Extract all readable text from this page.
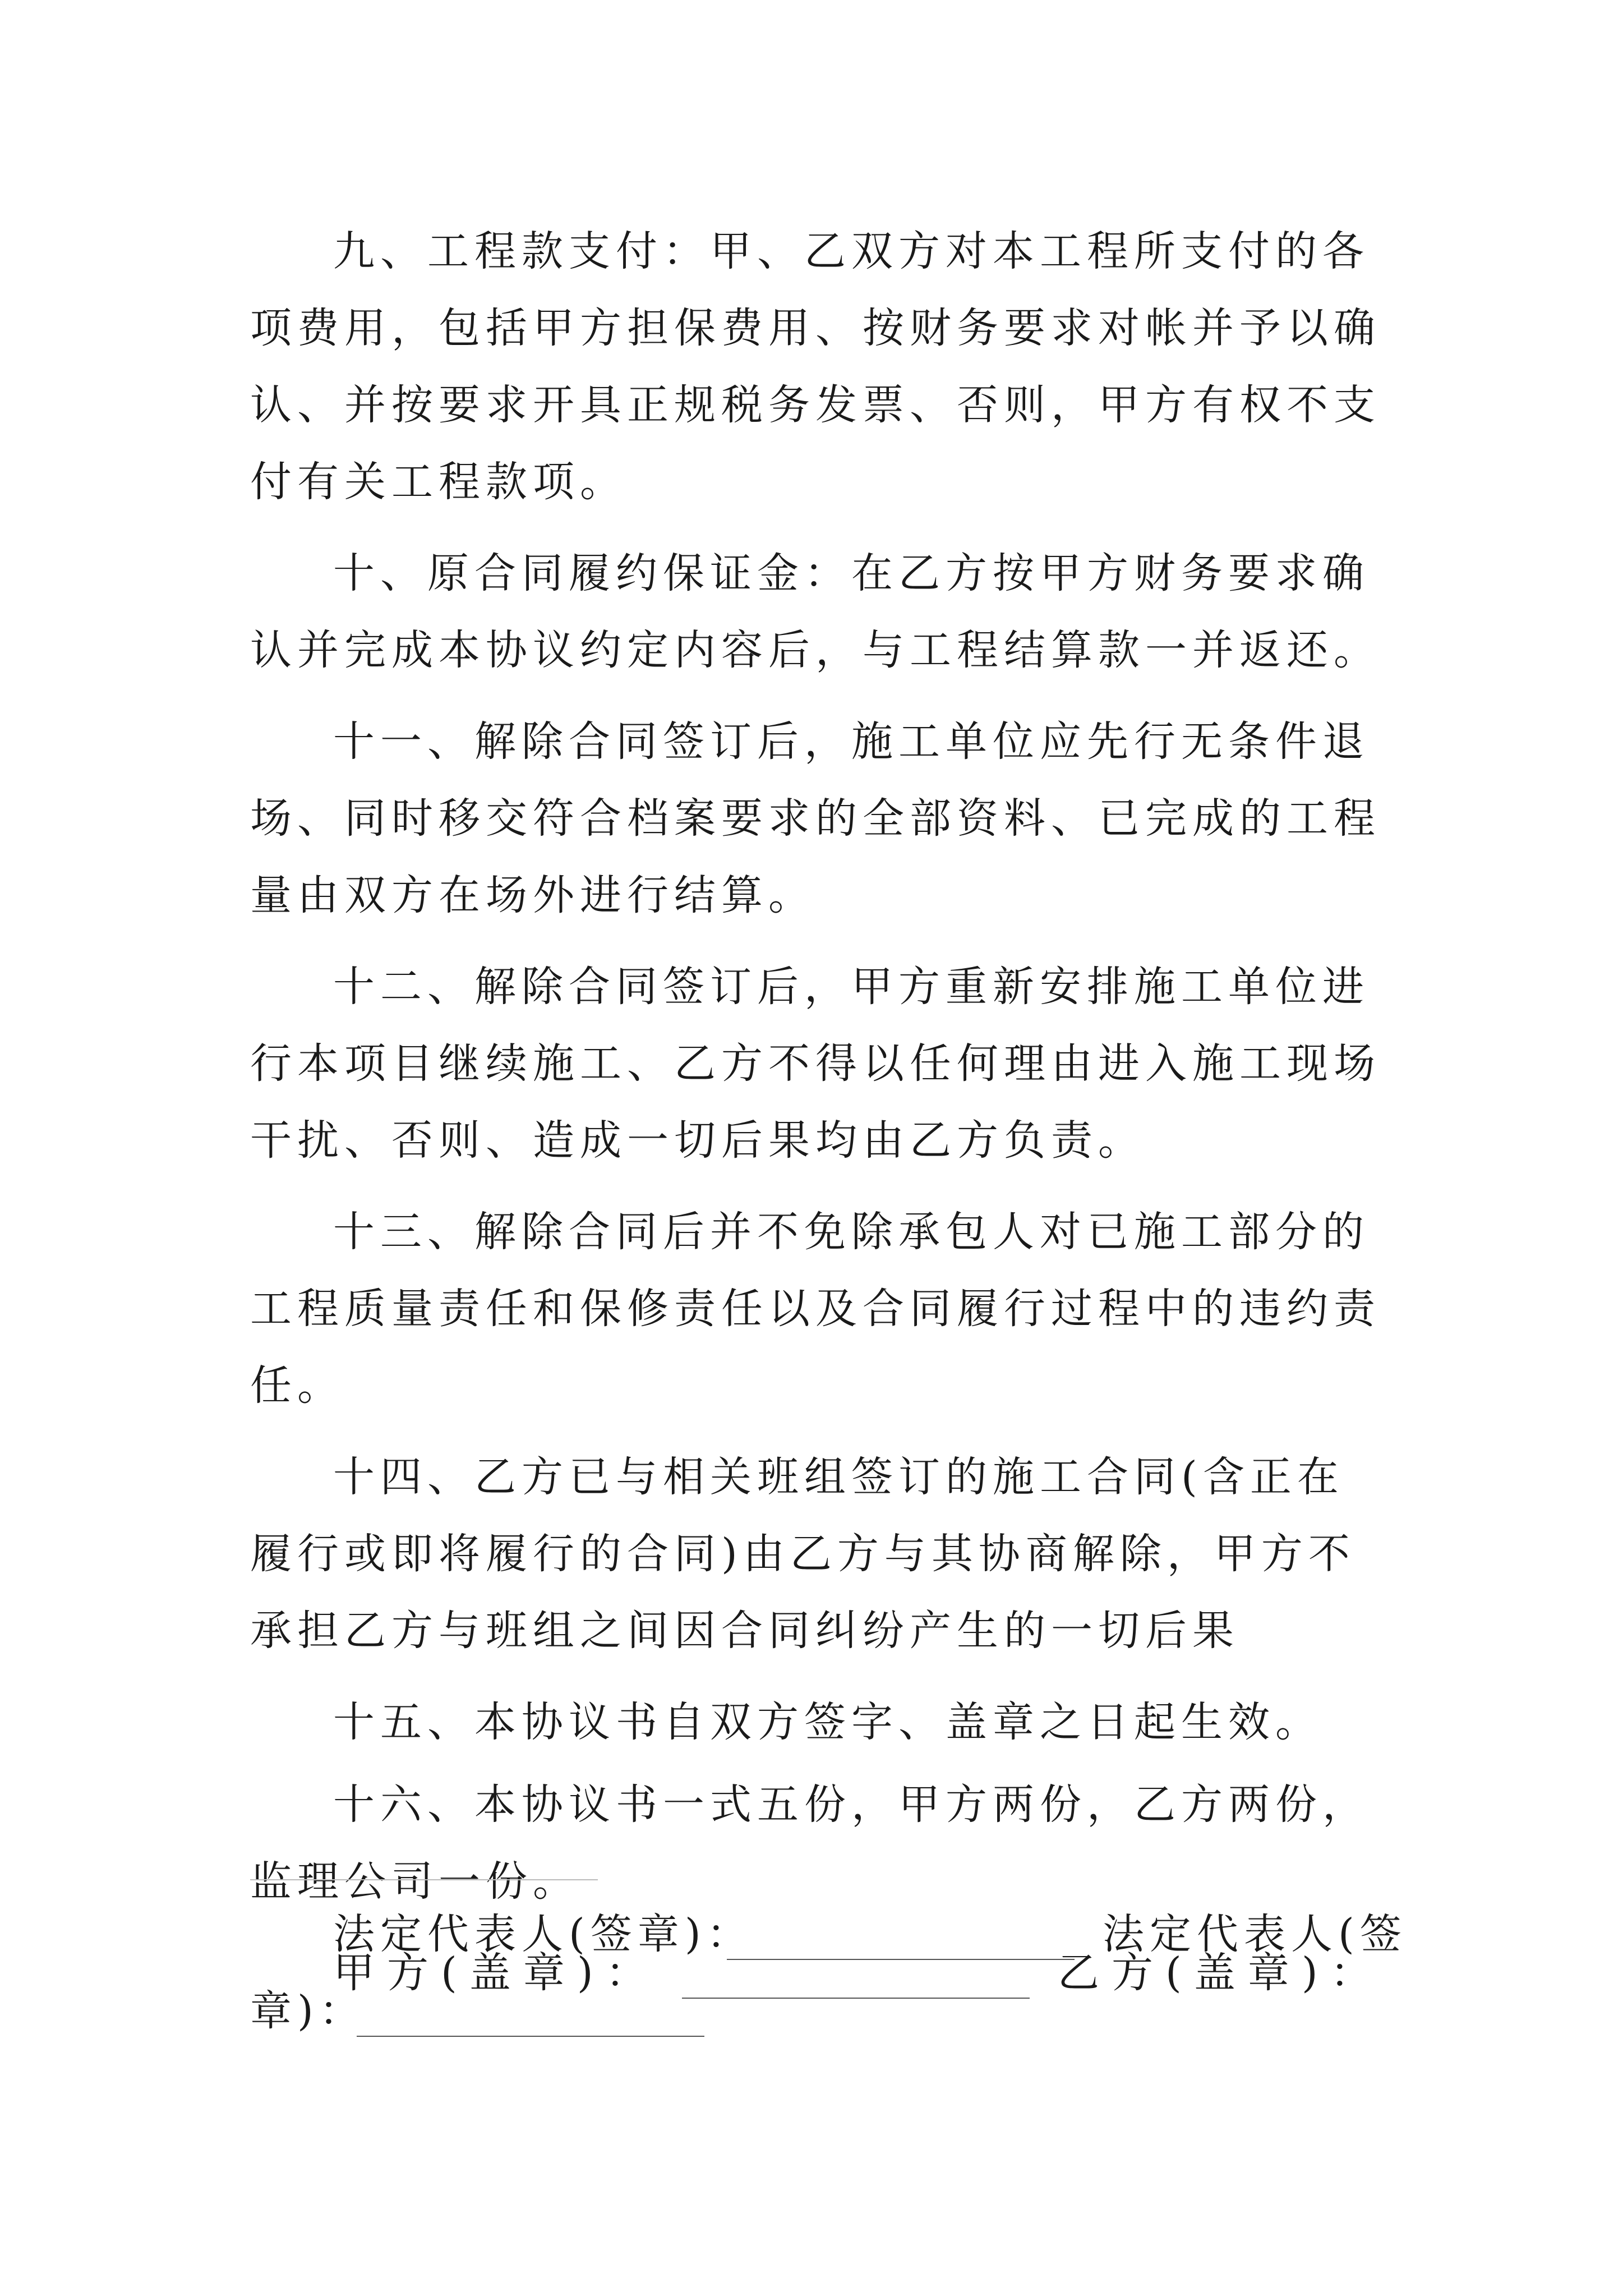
九、工程款支付：甲、乙双方对本工程所支付的各项费用，包括甲方担保费用、按财务要求对帐并予以确认、并按要求开具正规税务发票、否则，甲方有权不支付有关工程款项。

十、原合同履约保证金：在乙方按甲方财务要求确认并完成本协议约定内容后，与工程结算款一并返还。

十一、解除合同签订后，施工单位应先行无条件退场、同时移交符合档案要求的全部资料、已完成的工程量由双方在场外进行结算。

十二、解除合同签订后，甲方重新安排施工单位进行本项目继续施工、乙方不得以任何理由进入施工现场干扰、否则、造成一切后果均由乙方负责。

十三、解除合同后并不免除承包人对已施工部分的工程质量责任和保修责任以及合同履行过程中的违约责任。

十四、乙方已与相关班组签订的施工合同(含正在履行或即将履行的合同)由乙方与其协商解除，甲方不承担乙方与班组之间因合同纠纷产生的一切后果

十五、本协议书自双方签字、盖章之日起生效。

十六、本协议书一式五份，甲方两份，乙方两份，监理公司一份。

甲方(盖章)：	乙方(盖章)：
法定代表人(签章)：	法定代表人(签
章)：
